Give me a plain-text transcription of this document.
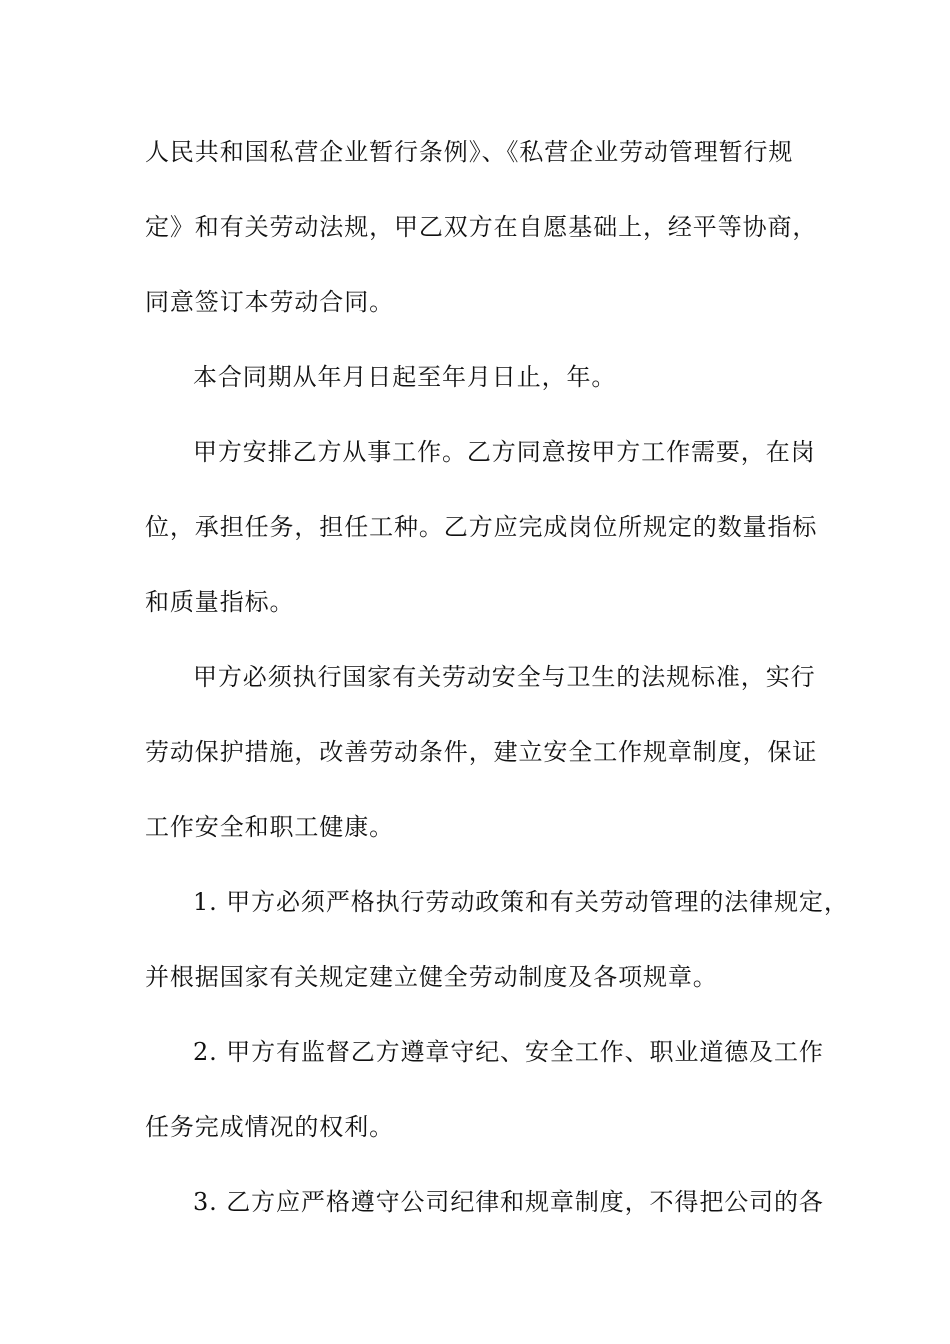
人民共和国私营企业暂行条例》、《私营企业劳动管理暂行规
定》和有关劳动法规，甲乙双方在自愿基础上，经平等协商，
同意签订本劳动合同。
本合同期从年月日起至年月日止，年。
甲方安排乙方从事工作。乙方同意按甲方工作需要，在岗
位，承担任务，担任工种。乙方应完成岗位所规定的数量指标
和质量指标。
甲方必须执行国家有关劳动安全与卫生的法规标准，实行
劳动保护措施，改善劳动条件，建立安全工作规章制度，保证
工作安全和职工健康。
1. 甲方必须严格执行劳动政策和有关劳动管理的法律规定，
并根据国家有关规定建立健全劳动制度及各项规章。
2. 甲方有监督乙方遵章守纪、安全工作、职业道德及工作
任务完成情况的权利。
3. 乙方应严格遵守公司纪律和规章制度，不得把公司的各
